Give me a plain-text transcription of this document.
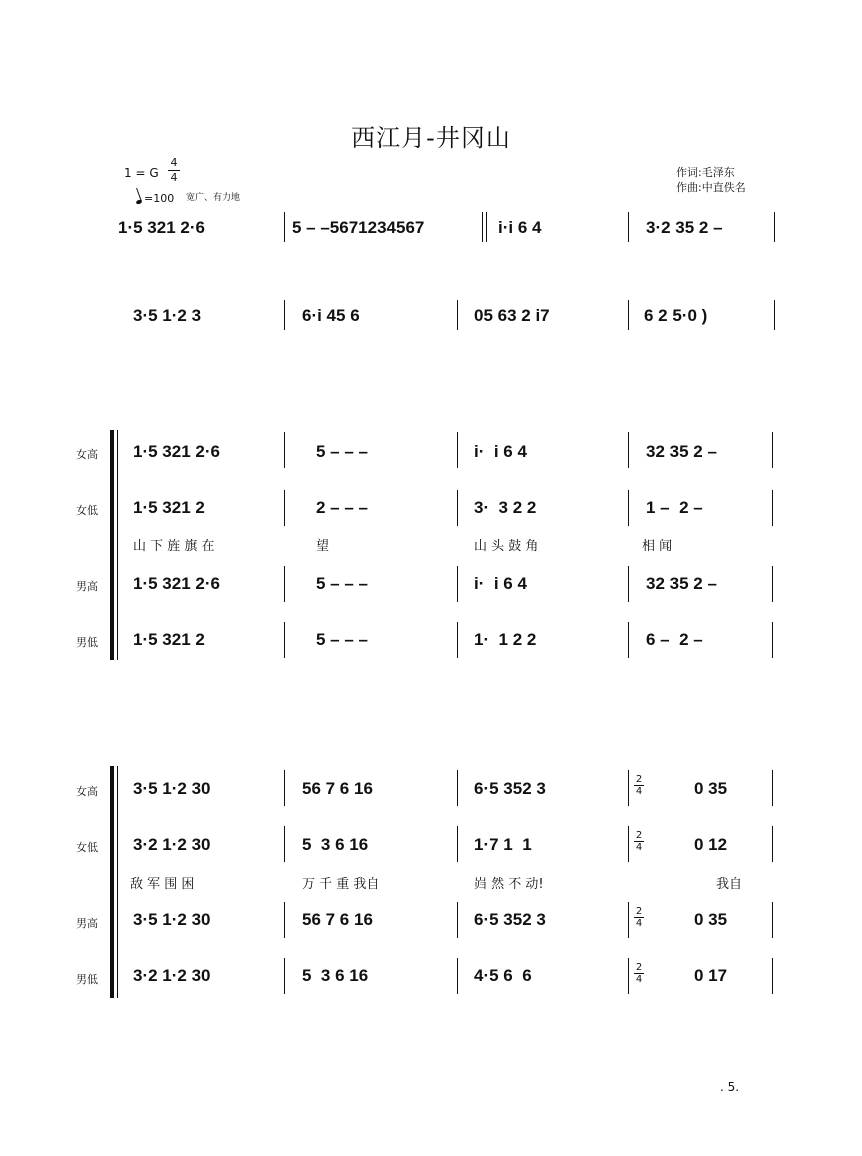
西江月-井冈山
1 = G
4
4
=100 宽广、有力地
作词:毛泽东
作曲:中直佚名
1·5 321 2·6	5 – –5671234567	i·i 6 4	3·2 35 2 –
3·5 1·2 3	6·i 45 6	05 63 2 i7	6 2 5·0 )
女高
女低
男高
男低
1·5 321 2·6	5 – – –	i·  i 6 4	32 35 2 –
1·5 321 2	2 – – –	3·  3 2 2	1 –  2 –
山 下 旌 旗 在	望	山 头 鼓 角	相 闻
1·5 321 2·6	5 – – –	i·  i 6 4	32 35 2 –
1·5 321 2	5 – – –	1·  1 2 2	6 –  2 –
女高
女低
男高
男低
3·5 1·2 30	56 7 6 16	6·5 352 3	0 35
3·2 1·2 30	5  3 6 16	1·7 1  1	0 12
敌 军 围 困	万 千 重 我自	岿 然 不 动!	我自
3·5 1·2 30	56 7 6 16	6·5 352 3	0 35
3·2 1·2 30	5  3 6 16	4·5 6  6	0 17
2
4
2
4
2
4
2
4
. 5.
